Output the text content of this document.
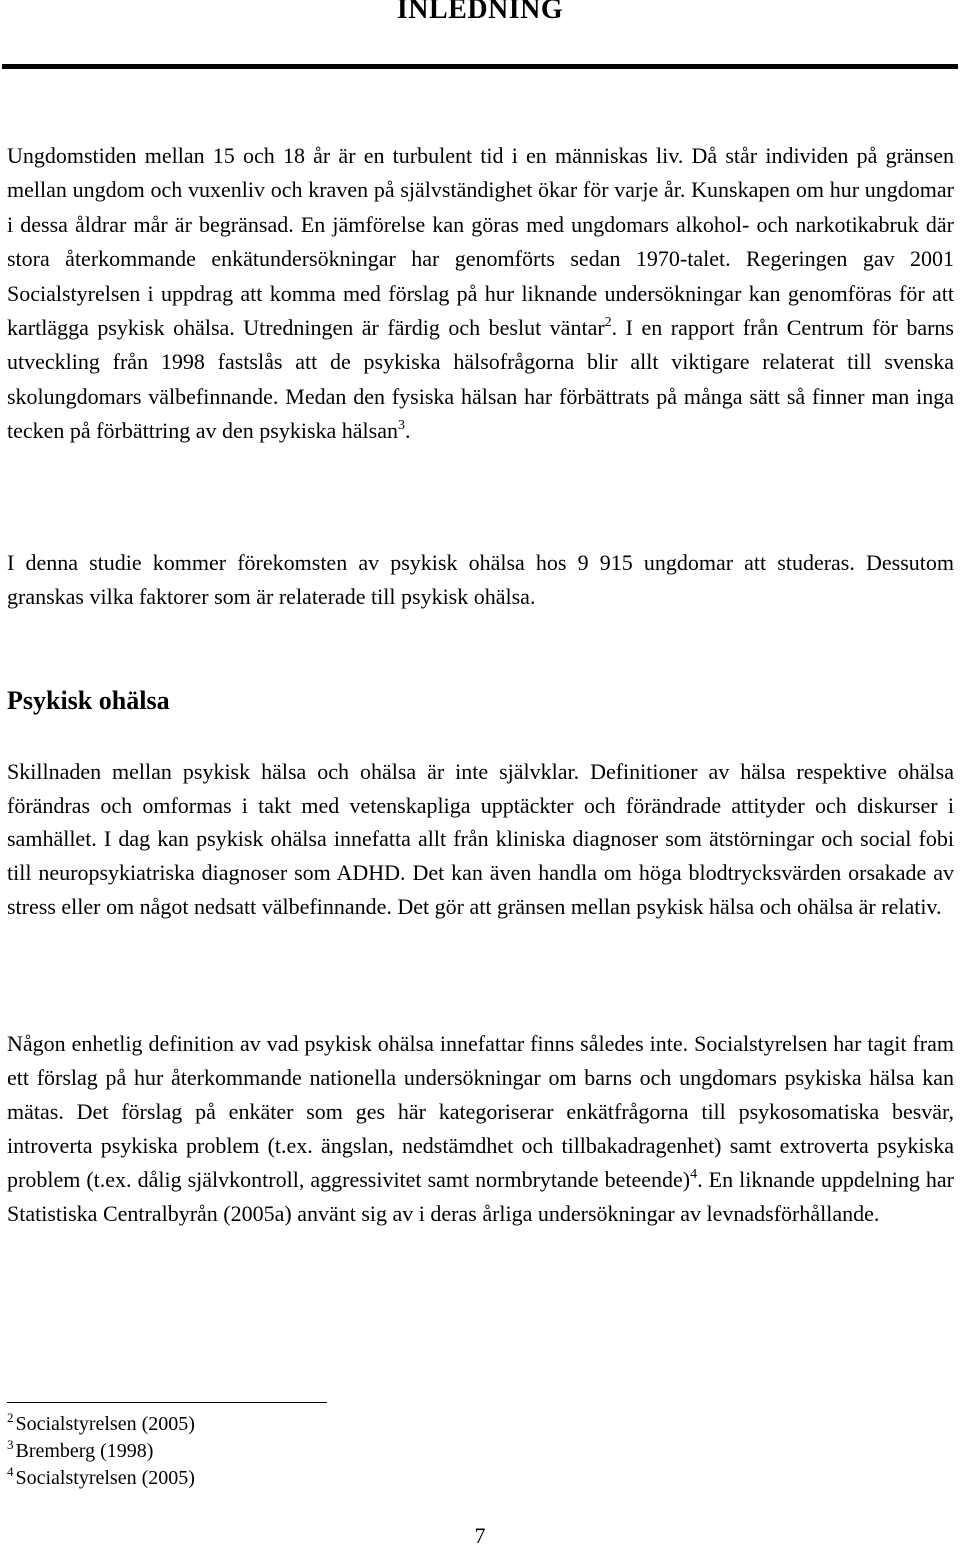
INLEDNING

Ungdomstiden mellan 15 och 18 år är en turbulent tid i en människas liv. Då står individen på gränsen mellan ungdom och vuxenliv och kraven på självständighet ökar för varje år. Kunskapen om hur ungdomar i dessa åldrar mår är begränsad. En jämförelse kan göras med ungdomars alkohol- och narkotikabruk där stora återkommande enkätundersökningar har genomförts sedan 1970-talet. Regeringen gav 2001 Socialstyrelsen i uppdrag att komma med förslag på hur liknande undersökningar kan genomföras för att kartlägga psykisk ohälsa. Utredningen är färdig och beslut väntar$^2$. I en rapport från Centrum för barns utveckling från 1998 fastslås att de psykiska hälsofrågorna blir allt viktigare relaterat till svenska skolungdomars välbefinnande. Medan den fysiska hälsan har förbättrats på många sätt så finner man inga tecken på förbättring av den psykiska hälsan$^3$.

I denna studie kommer förekomsten av psykisk ohälsa hos 9 915 ungdomar att studeras. Dessutom granskas vilka faktorer som är relaterade till psykisk ohälsa.

Psykisk ohälsa

Skillnaden mellan psykisk hälsa och ohälsa är inte självklar. Definitioner av hälsa respektive ohälsa förändras och omformas i takt med vetenskapliga upptäckter och förändrade attityder och diskurser i samhället. I dag kan psykisk ohälsa innefatta allt från kliniska diagnoser som ätstörningar och social fobi till neuropsykiatriska diagnoser som ADHD. Det kan även handla om höga blodtrycksvärden orsakade av stress eller om något nedsatt välbefinnande. Det gör att gränsen mellan psykisk hälsa och ohälsa är relativ.

Någon enhetlig definition av vad psykisk ohälsa innefattar finns således inte. Socialstyrelsen har tagit fram ett förslag på hur återkommande nationella undersökningar om barns och ungdomars psykiska hälsa kan mätas. Det förslag på enkäter som ges här kategoriserar enkätfrågorna till psykosomatiska besvär, introverta psykiska problem (t.ex. ängslan, nedstämdhet och tillbakadragenhet) samt extroverta psykiska problem (t.ex. dålig självkontroll, aggressivitet samt normbrytande beteende)$^4$. En liknande uppdelning har Statistiska Centralbyrån (2005a) använt sig av i deras årliga undersökningar av levnadsförhållande.

$^2$ Socialstyrelsen (2005)
$^3$ Bremberg (1998)
$^4$ Socialstyrelsen (2005)
7
